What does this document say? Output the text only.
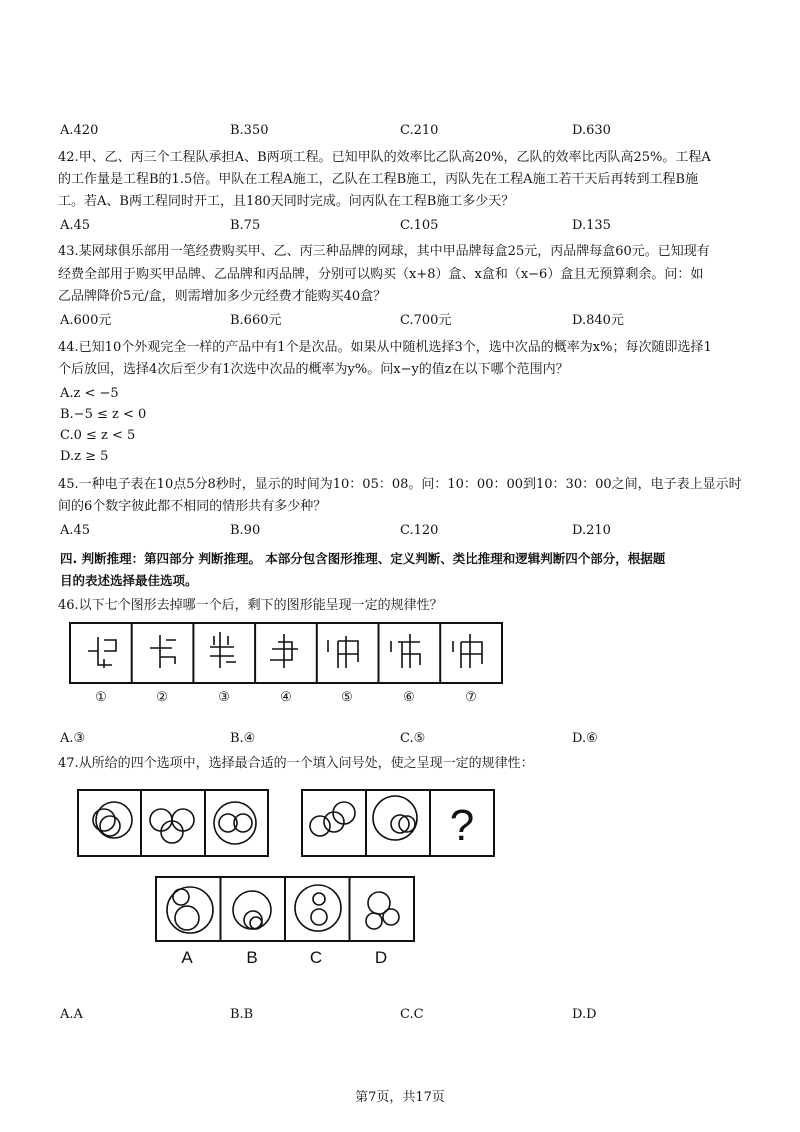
A.420	B.350	C.210	D.630
42.甲、乙、丙三个工程队承担A、B两项工程。已知甲队的效率比乙队高20%，乙队的效率比丙队高25%。工程A
的工作量是工程B的1.5倍。甲队在工程A施工，乙队在工程B施工，丙队先在工程A施工若干天后再转到工程B施
工。若A、B两工程同时开工，且180天同时完成。问丙队在工程B施工多少天？
A.45	B.75	C.105	D.135
43.某网球俱乐部用一笔经费购买甲、乙、丙三种品牌的网球，其中甲品牌每盒25元，丙品牌每盒60元。已知现有
经费全部用于购买甲品牌、乙品牌和丙品牌，分别可以购买（x+8）盒、x盒和（x−6）盒且无预算剩余。问：如
乙品牌降价5元/盒，则需增加多少元经费才能购买40盒？
A.600元	B.660元	C.700元	D.840元
44.已知10个外观完全一样的产品中有1个是次品。如果从中随机选择3个，选中次品的概率为x%；每次随即选择1
个后放回，选择4次后至少有1次选中次品的概率为y%。问x−y的值z在以下哪个范围内？
A.z < −5
B.−5 ≤ z < 0
C.0 ≤ z < 5
D.z ≥ 5
45.一种电子表在10点5分8秒时，显示的时间为10：05：08。问：10：00：00到10：30：00之间，电子表上显示时
间的6个数字彼此都不相同的情形共有多少种？
A.45	B.90	C.120	D.210
四. 判断推理：第四部分 判断推理。 本部分包含图形推理、定义判断、类比推理和逻辑判断四个部分，根据题
目的表述选择最佳选项。
46.以下七个图形去掉哪一个后，剩下的图形能呈现一定的规律性？
①	②	③	④	⑤	⑥	⑦
A.③	B.④	C.⑤	D.⑥
47.从所给的四个选项中，选择最合适的一个填入问号处，使之呈现一定的规律性：
?
A	B	C	D
A.A	B.B	C.C	D.D
第7页，共17页
